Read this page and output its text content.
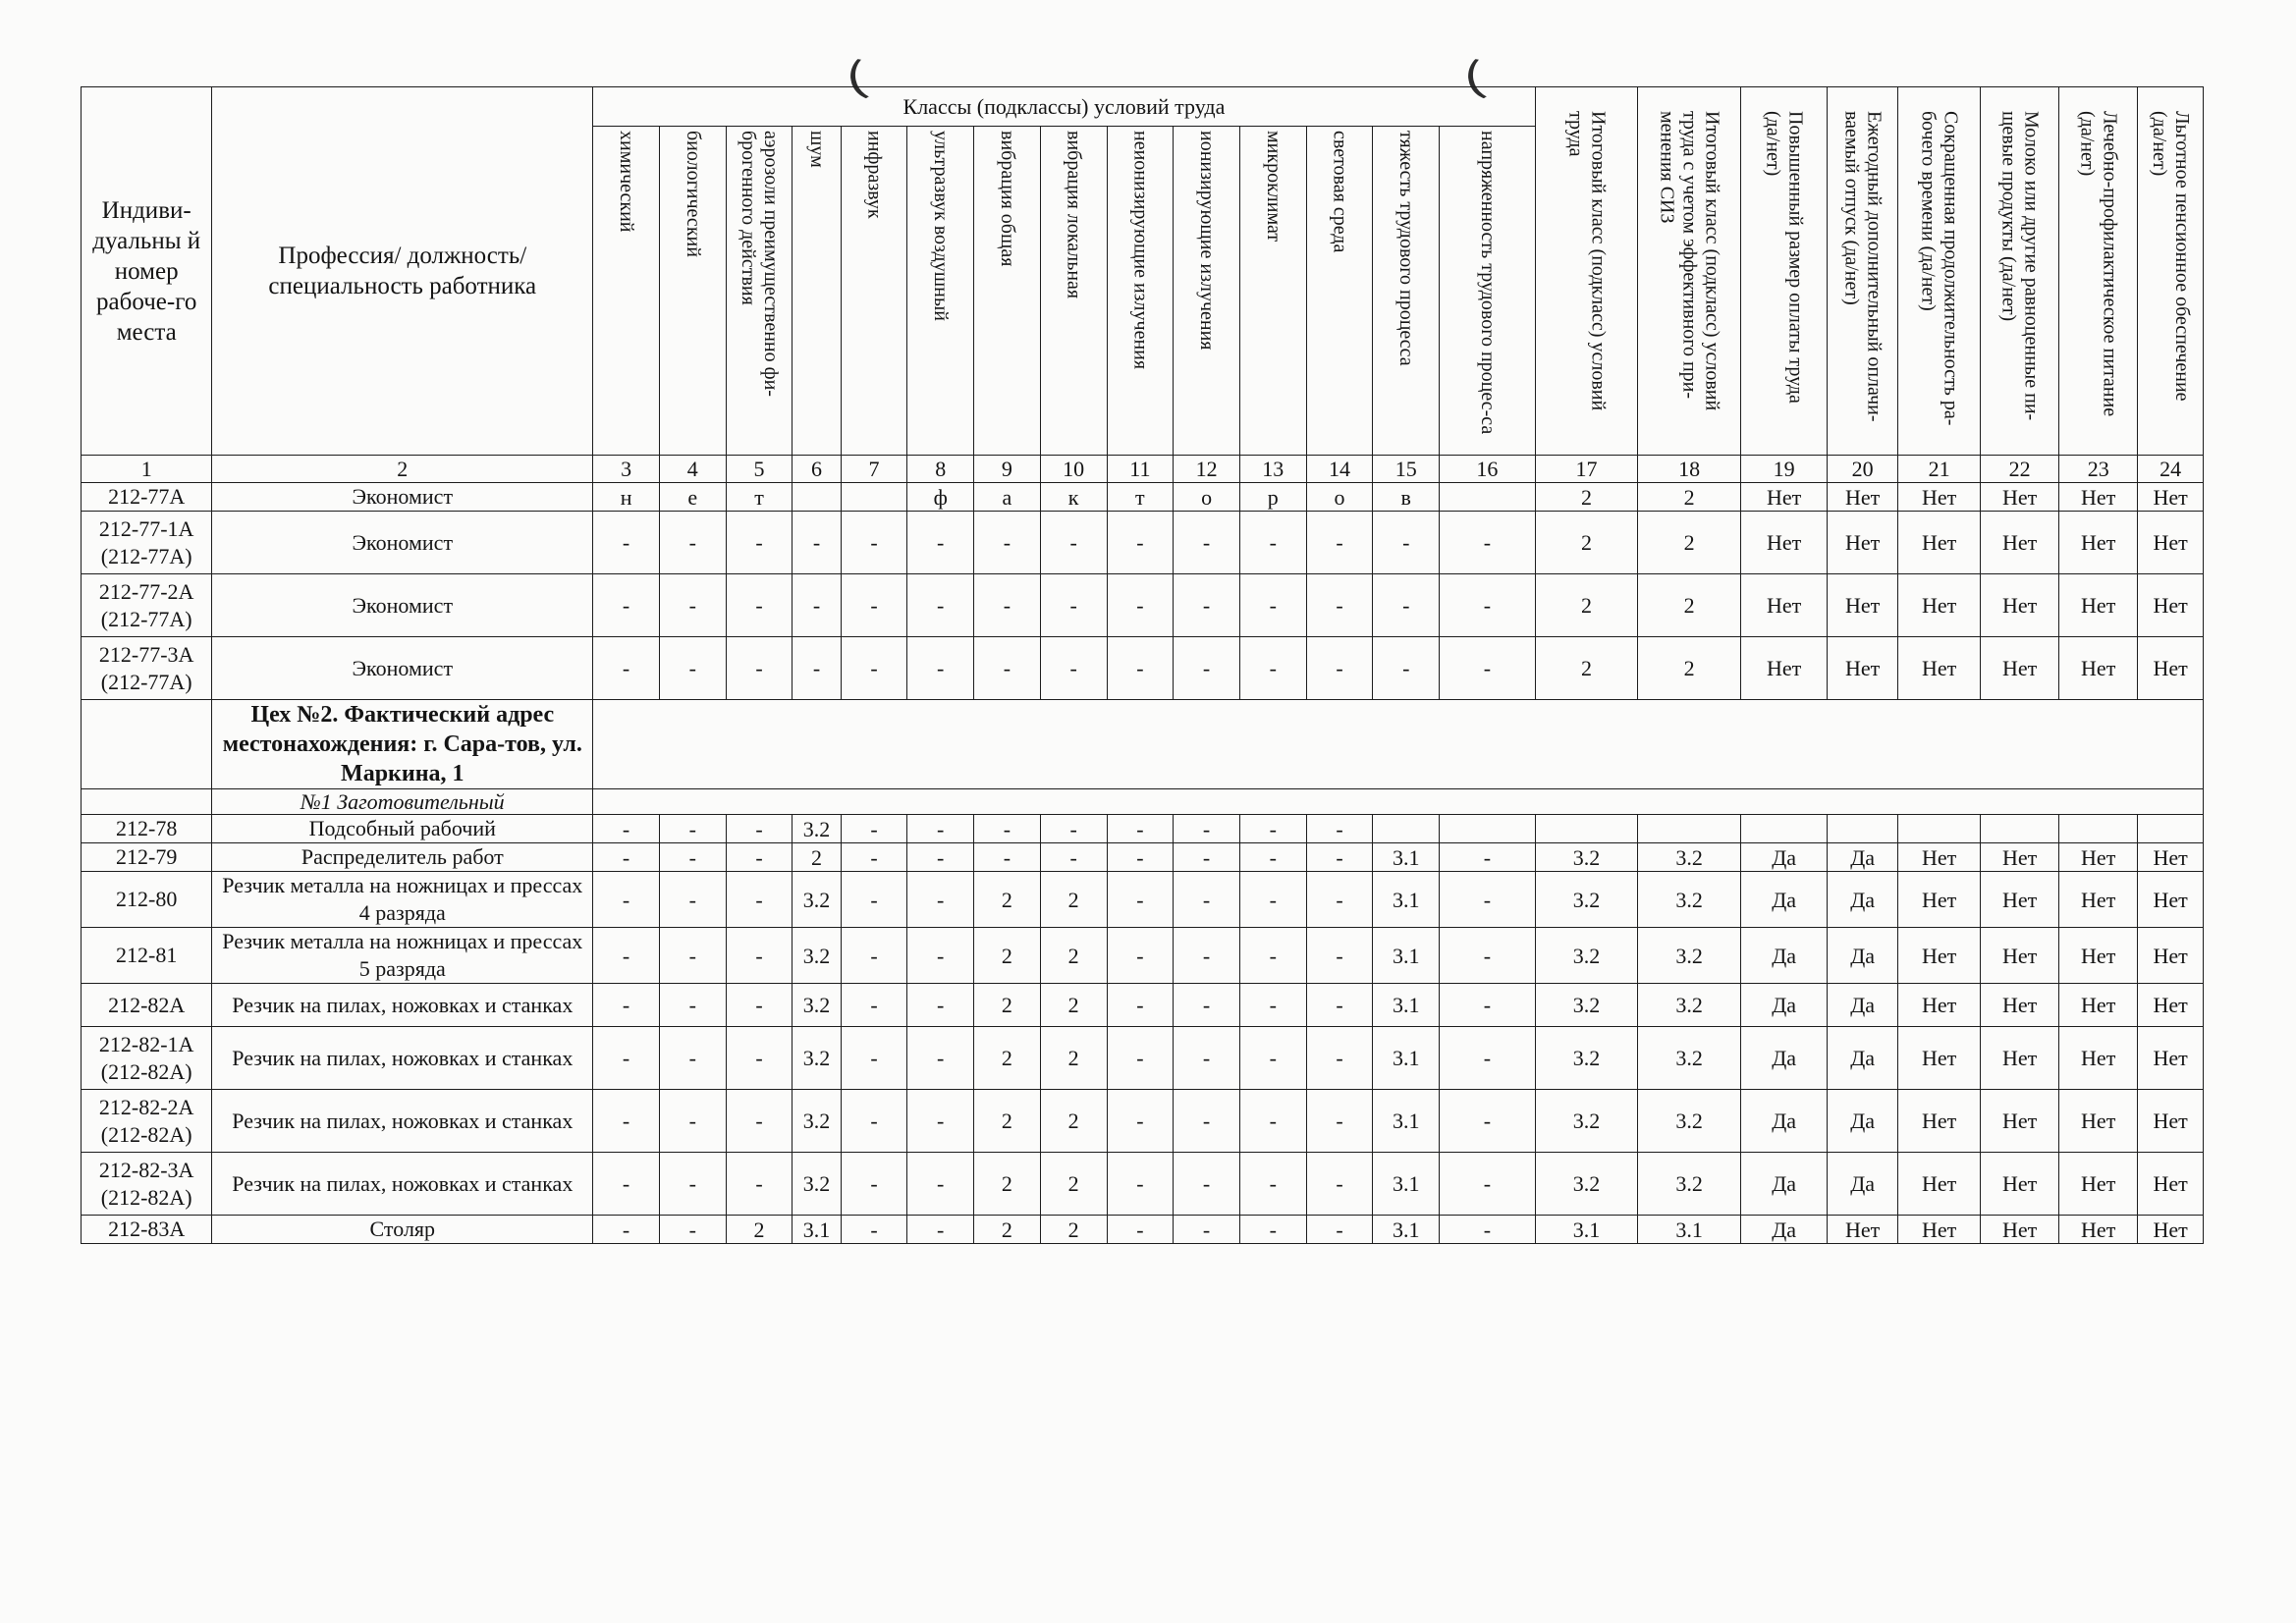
Индиви-дуальны й номер рабоче-го места	Профессия/ должность/ специальность работника	Классы (подклассы) условий труда														Итоговый класс (подкласс) условий труда	Итоговый класс (подкласс) условий труда с учетом эффективного при-менения СИЗ	Повышенный размер оплаты труда (да/нет)	Ежегодный дополнительный оплачи-ваемый отпуск (да/нет)	Сокращенная продолжительность ра-бочего времени (да/нет)	Молоко или другие равноценные пи-щевые продукты (да/нет)	Лечебно-профилактическое питание (да/нет)	Льготное пенсионное обеспечение (да/нет)

		химический	биологический	аэрозоли преимущественно фи-брогенного действия	шум	инфразвук	ультразвук воздушный	вибрация общая	вибрация локальная	неионизирующие излучения	ионизирующие излучения	микроклимат	световая среда	тяжесть трудового процесса	напряженность трудового процес-са								

1	2	3	4	5	6	7	8	9	10	11	12	13	14	15	16	17	18	19	20	21	22	23	24
212-77А	Экономист	н	е	т			ф	а	к	т	о	р	о	в		2	2	Нет	Нет	Нет	Нет	Нет	Нет
212-77-1А (212-77А)	Экономист	-	-	-	-	-	-	-	-	-	-	-	-	-	-	2	2	Нет	Нет	Нет	Нет	Нет	Нет
212-77-2А (212-77А)	Экономист	-	-	-	-	-	-	-	-	-	-	-	-	-	-	2	2	Нет	Нет	Нет	Нет	Нет	Нет
212-77-3А (212-77А)	Экономист	-	-	-	-	-	-	-	-	-	-	-	-	-	-	2	2	Нет	Нет	Нет	Нет	Нет	Нет
	Цех №2. Фактический адрес местонахождения: г. Сара-тов, ул. Маркина, 1																						
	№1 Заготовительный																						
212-78	Подсобный рабочий	-	-	-	3.2	-	-	-	-	-	-	-	-										
212-79	Распределитель работ	-	-	-	2	-	-	-	-	-	-	-	-	3.1	-	3.2	3.2	Да	Да	Нет	Нет	Нет	Нет
212-80	Резчик металла на ножницах и прессах 4 разряда	-	-	-	3.2	-	-	2	2	-	-	-	-	3.1	-	3.2	3.2	Да	Да	Нет	Нет	Нет	Нет
212-81	Резчик металла на ножницах и прессах 5 разряда	-	-	-	3.2	-	-	2	2	-	-	-	-	3.1	-	3.2	3.2	Да	Да	Нет	Нет	Нет	Нет
212-82А	Резчик на пилах, ножовках и станках	-	-	-	3.2	-	-	2	2	-	-	-	-	3.1	-	3.2	3.2	Да	Да	Нет	Нет	Нет	Нет
212-82-1А (212-82А)	Резчик на пилах, ножовках и станках	-	-	-	3.2	-	-	2	2	-	-	-	-	3.1	-	3.2	3.2	Да	Да	Нет	Нет	Нет	Нет
212-82-2А (212-82А)	Резчик на пилах, ножовках и станках	-	-	-	3.2	-	-	2	2	-	-	-	-	3.1	-	3.2	3.2	Да	Да	Нет	Нет	Нет	Нет
212-82-3А (212-82А)	Резчик на пилах, ножовках и станках	-	-	-	3.2	-	-	2	2	-	-	-	-	3.1	-	3.2	3.2	Да	Да	Нет	Нет	Нет	Нет
212-83А	Столяр	-	-	2	3.1	-	-	2	2	-	-	-	-	3.1	-	3.1	3.1	Да	Нет	Нет	Нет	Нет	Нет
